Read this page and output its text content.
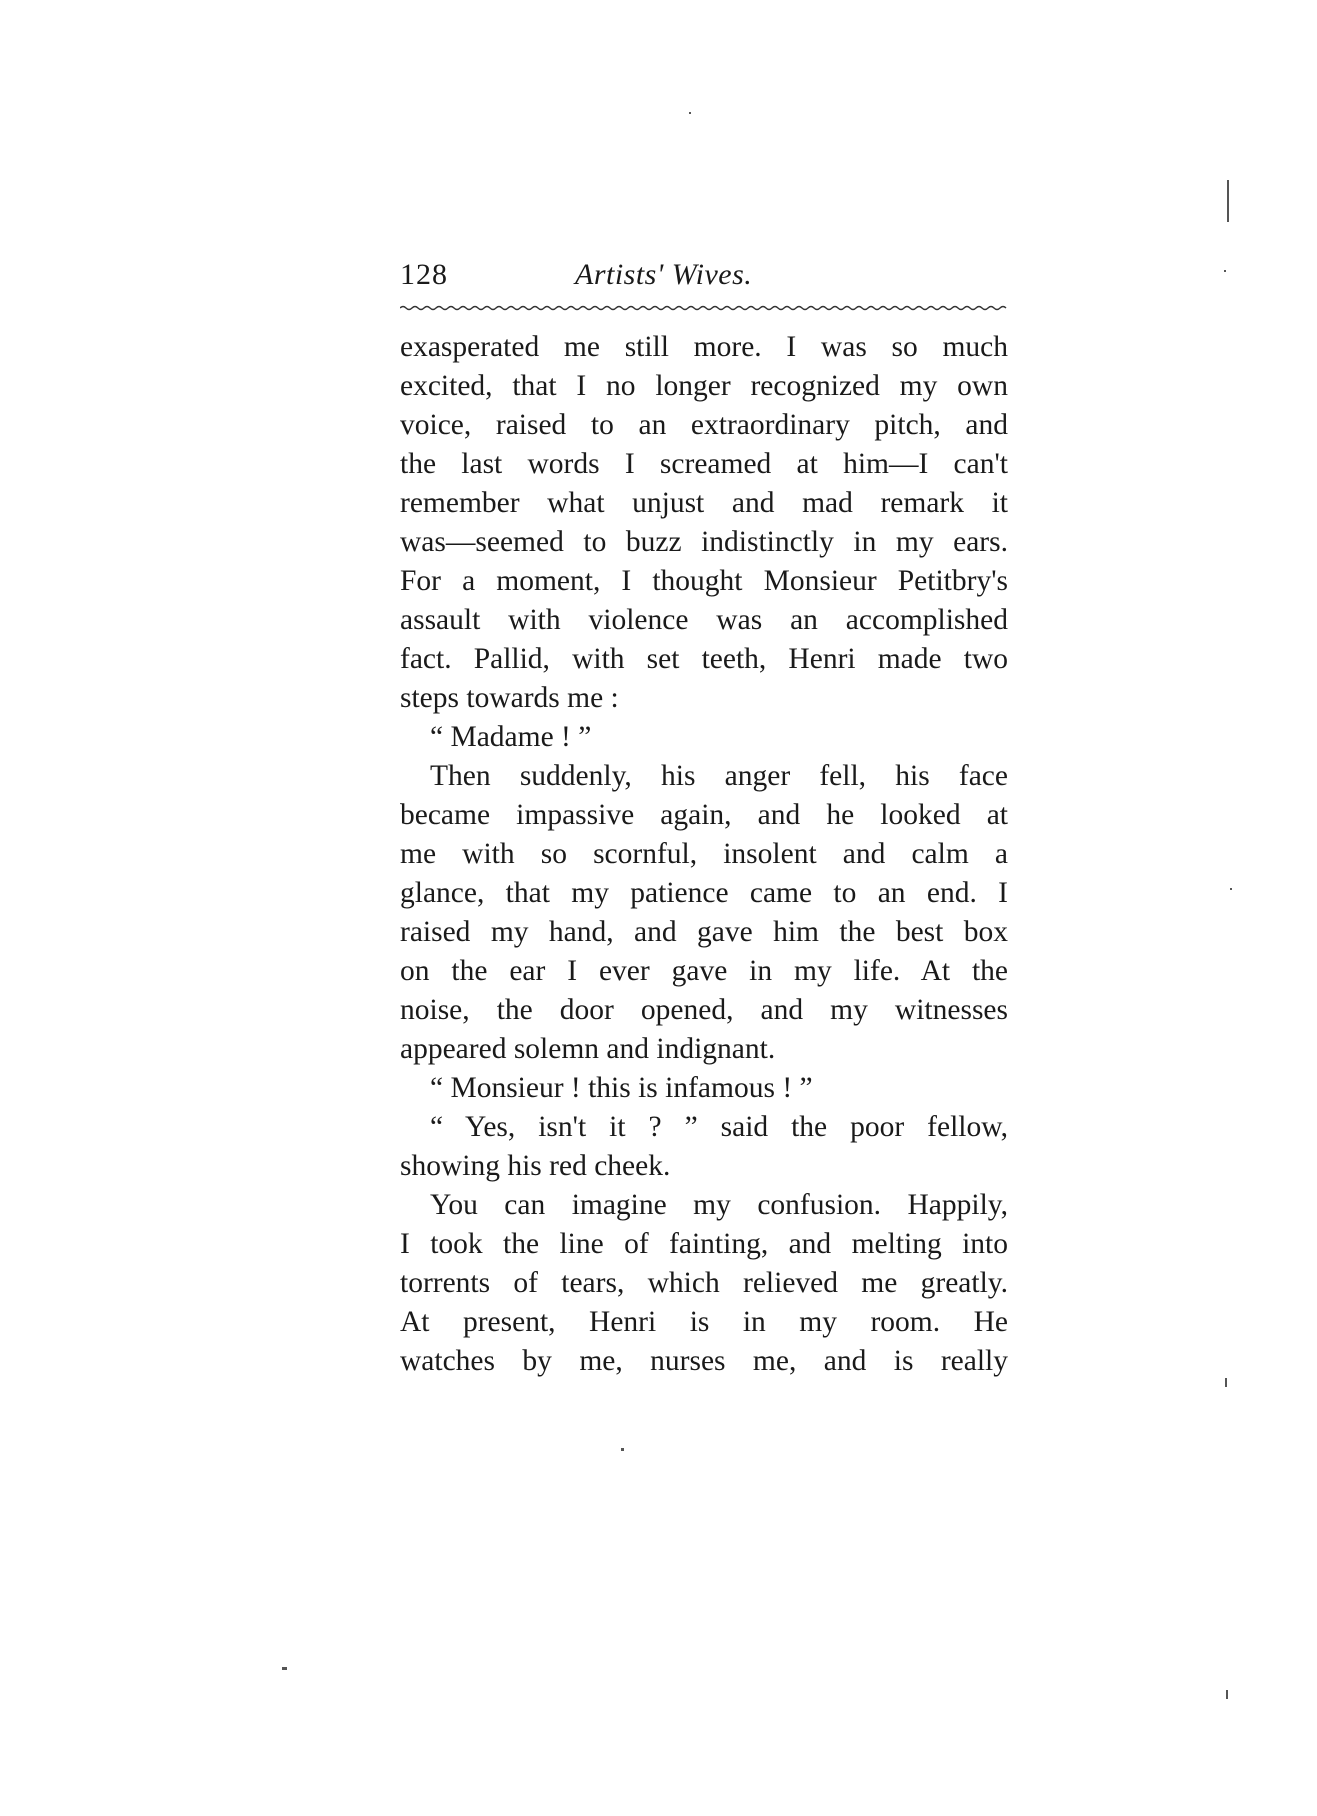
128	Artists' Wives.
exasperated me still more. I was so much
excited, that I no longer recognized my own
voice, raised to an extraordinary pitch, and
the last words I screamed at him—I can't
remember what unjust and mad remark it
was—seemed to buzz indistinctly in my ears.
For a moment, I thought Monsieur Petitbry's
assault with violence was an accomplished
fact. Pallid, with set teeth, Henri made two
steps towards me :
“ Madame ! ”
Then suddenly, his anger fell, his face
became impassive again, and he looked at
me with so scornful, insolent and calm a
glance, that my patience came to an end. I
raised my hand, and gave him the best box
on the ear I ever gave in my life. At the
noise, the door opened, and my witnesses
appeared solemn and indignant.
“ Monsieur ! this is infamous ! ”
“ Yes, isn't it ? ” said the poor fellow,
showing his red cheek.
You can imagine my confusion. Happily,
I took the line of fainting, and melting into
torrents of tears, which relieved me greatly.
At present, Henri is in my room. He
watches by me, nurses me, and is really
